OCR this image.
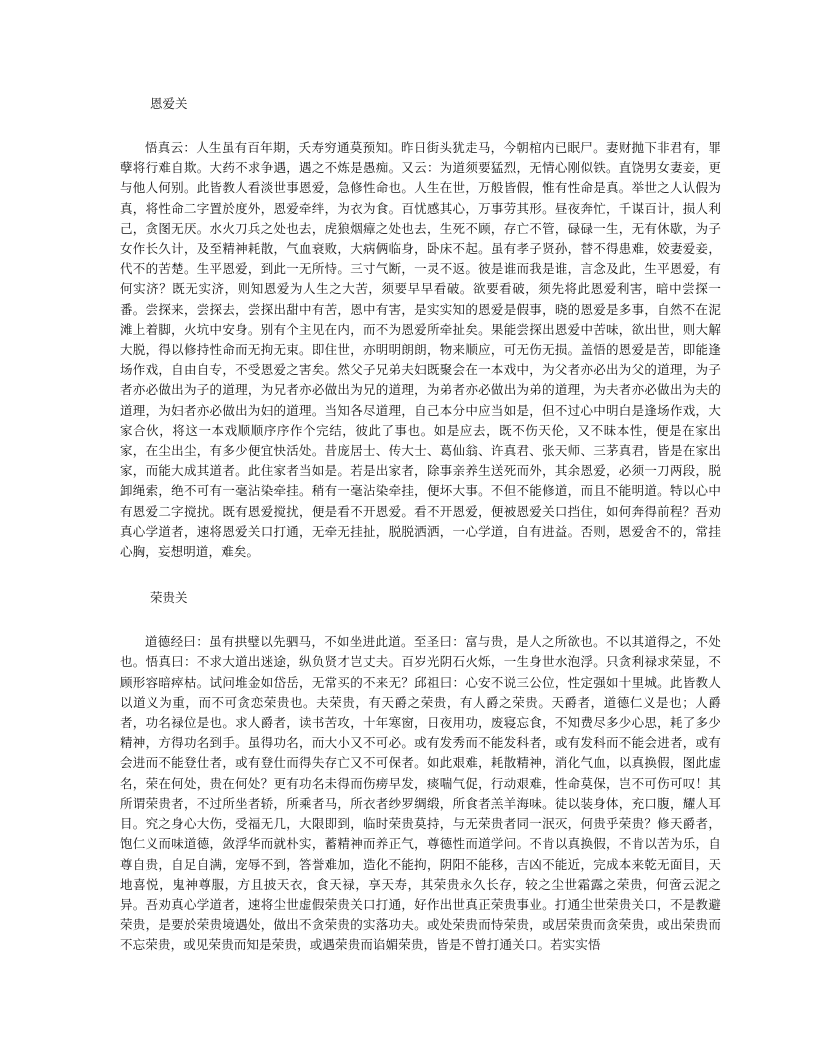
恩爱关

悟真云：人生虽有百年期，夭寿穷通莫预知。昨日街头犹走马，今朝棺内已眠尸。妻财抛下非君有，罪孽将行难自欺。大药不求争遇，遇之不炼是愚痴。又云：为道须要猛烈，无情心刚似铁。直饶男女妻妾，更与他人何别。此皆教人看淡世事恩爱，急修性命也。人生在世，万般皆假，惟有性命是真。举世之人认假为真，将性命二字置於度外，恩爱牵绊，为衣为食。百忧感其心，万事劳其形。昼夜奔忙，千谋百计，损人利己，贪图无厌。水火刀兵之处也去，虎狼烟瘴之处也去，生死不顾，存亡不管，碌碌一生，无有休歇，为子女作长久计，及至精神耗散，气血衰败，大病俩临身，卧床不起。虽有孝子贤孙，替不得患难，姣妻爱妾，代不的苦楚。生平恩爱，到此一无所恃。三寸气断，一灵不返。彼是谁而我是谁，言念及此，生平恩爱，有何实济？既无实济，则知恩爱为人生之大苦，须要早早看破。欲要看破，须先将此恩爱利害，暗中尝探一番。尝探来，尝探去，尝探出甜中有苦，恩中有害，是实实知的恩爱是假事，晓的恩爱是多事，自然不在泥滩上着脚，火坑中安身。别有个主见在内，而不为恩爱所牵扯矣。果能尝探出恩爱中苦味，欲出世，则大解大脱，得以修持性命而无拘无束。即住世，亦明明朗朗，物来顺应，可无伤无损。盖悟的恩爱是苦，即能逢场作戏，自由自专，不受恩爱之害矣。然父子兄弟夫妇既聚会在一本戏中，为父者亦必出为父的道理，为子者亦必做出为子的道理，为兄者亦必做出为兄的道理，为弟者亦必做出为弟的道理，为夫者亦必做出为夫的道理，为妇者亦必做出为妇的道理。当知各尽道理，自己本分中应当如是，但不过心中明白是逢场作戏，大家合伙，将这一本戏顺顺序序作个完结，彼此了事也。如是应去，既不伤天伦，又不昧本性，便是在家出家，在尘出尘，有多少便宜快活处。昔庞居士、传大士、葛仙翁、许真君、张天师、三茅真君，皆是在家出家，而能大成其道者。此住家者当如是。若是出家者，除事亲养生送死而外，其余恩爱，必须一刀两段，脱卸绳索，绝不可有一毫沾染牵挂。稍有一毫沾染牵挂，便坏大事。不但不能修道，而且不能明道。特以心中有恩爱二字搅扰。既有恩爱搅扰，便是看不开恩爱。看不开恩爱，便被恩爱关口挡住，如何奔得前程？吾劝真心学道者，速将恩爱关口打通，无牵无挂扯，脱脱洒洒，一心学道，自有进益。否则，恩爱舍不的，常挂心胸，妄想明道，难矣。

荣贵关

道德经曰：虽有拱璧以先驷马，不如坐进此道。至圣曰：富与贵，是人之所欲也。不以其道得之，不处也。悟真曰：不求大道出迷途，纵负贤才岂丈夫。百岁光阴石火烁，一生身世水泡浮。只贪利禄求荣显，不顾形容暗瘁枯。试问堆金如岱岳，无常买的不来无？邱祖曰：心安不说三公位，性定强如十里城。此皆教人以道义为重，而不可贪恋荣贵也。夫荣贵，有天爵之荣贵，有人爵之荣贵。天爵者，道德仁义是也；人爵者，功名禄位是也。求人爵者，读书苦攻，十年寒窗，日夜用功，废寝忘食，不知费尽多少心思，耗了多少精神，方得功名到手。虽得功名，而大小又不可必。或有发秀而不能发科者，或有发科而不能会进者，或有会进而不能登仕者，或有登仕而得失存亡又不可保者。如此艰难，耗散精神，消化气血，以真换假，图此虚名，荣在何处，贵在何处？更有功名未得而伤痨早发，痰喘气促，行动艰难，性命莫保，岂不可伤可叹！其所谓荣贵者，不过所坐者轿，所乘者马，所衣者纱罗绸缎，所食者羔羊海味。徒以装身体，充口腹，耀人耳目。究之身心大伤，受福无几，大限即到，临时荣贵莫持，与无荣贵者同一泯灭，何贵乎荣贵？修天爵者，饱仁义而味道德，敛浮华而就朴实，蓄精神而养正气，尊德性而道学问。不肯以真换假，不肯以苦为乐，自尊自贵，自足自满，宠辱不到，答誉难加，造化不能拘，阴阳不能移，吉凶不能近，完成本来乾无面目，天地喜悦，鬼神尊服，方且披天衣，食天禄，享天寿，其荣贵永久长存，较之尘世霜露之荣贵，何啻云泥之异。吾劝真心学道者，速将尘世虚假荣贵关口打通，好作出世真正荣贵事业。打通尘世荣贵关口，不是教避荣贵，是要於荣贵境遇处，做出不贪荣贵的实落功夫。或处荣贵而恃荣贵，或居荣贵而贪荣贵，或出荣贵而不忘荣贵，或见荣贵而知是荣贵，或遇荣贵而谄媚荣贵，皆是不曾打通关口。若实实悟
